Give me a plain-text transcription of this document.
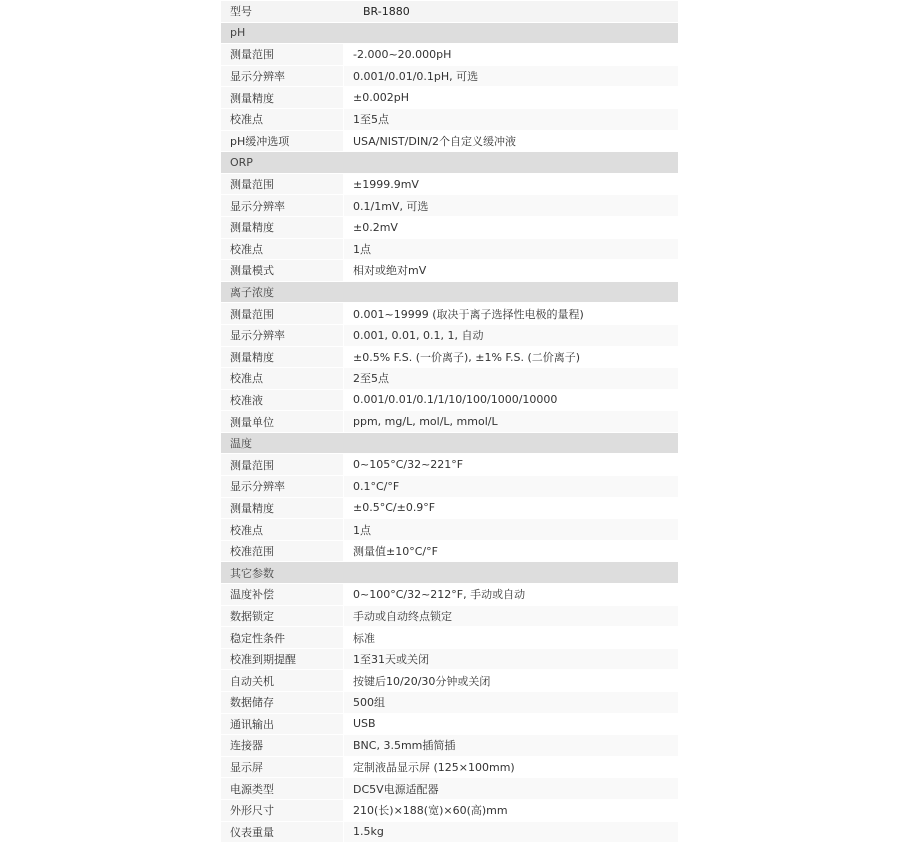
型号	BR-1880
pH	
测量范围	-2.000~20.000pH
显示分辨率	0.001/0.01/0.1pH, 可选
测量精度	±0.002pH
校准点	1至5点
pH缓冲选项	USA/NIST/DIN/2个自定义缓冲液
ORP	
测量范围	±1999.9mV
显示分辨率	0.1/1mV, 可选
测量精度	±0.2mV
校准点	1点
测量模式	相对或绝对mV
离子浓度	
测量范围	0.001~19999 (取决于离子选择性电极的量程)
显示分辨率	0.001, 0.01, 0.1, 1, 自动
测量精度	±0.5% F.S. (一价离子), ±1% F.S. (二价离子)
校准点	2至5点
校准液	0.001/0.01/0.1/1/10/100/1000/10000
测量单位	ppm, mg/L, mol/L, mmol/L
温度	
测量范围	0~105°C/32~221°F
显示分辨率	0.1°C/°F
测量精度	±0.5°C/±0.9°F
校准点	1点
校准范围	测量值±10°C/°F
其它参数	
温度补偿	0~100°C/32~212°F, 手动或自动
数据锁定	手动或自动终点锁定
稳定性条件	标准
校准到期提醒	1至31天或关闭
自动关机	按键后10/20/30分钟或关闭
数据储存	500组
通讯输出	USB
连接器	BNC, 3.5mm插简插
显示屏	定制液晶显示屏 (125×100mm)
电源类型	DC5V电源适配器
外形尺寸	210(长)×188(宽)×60(高)mm
仪表重量	1.5kg
